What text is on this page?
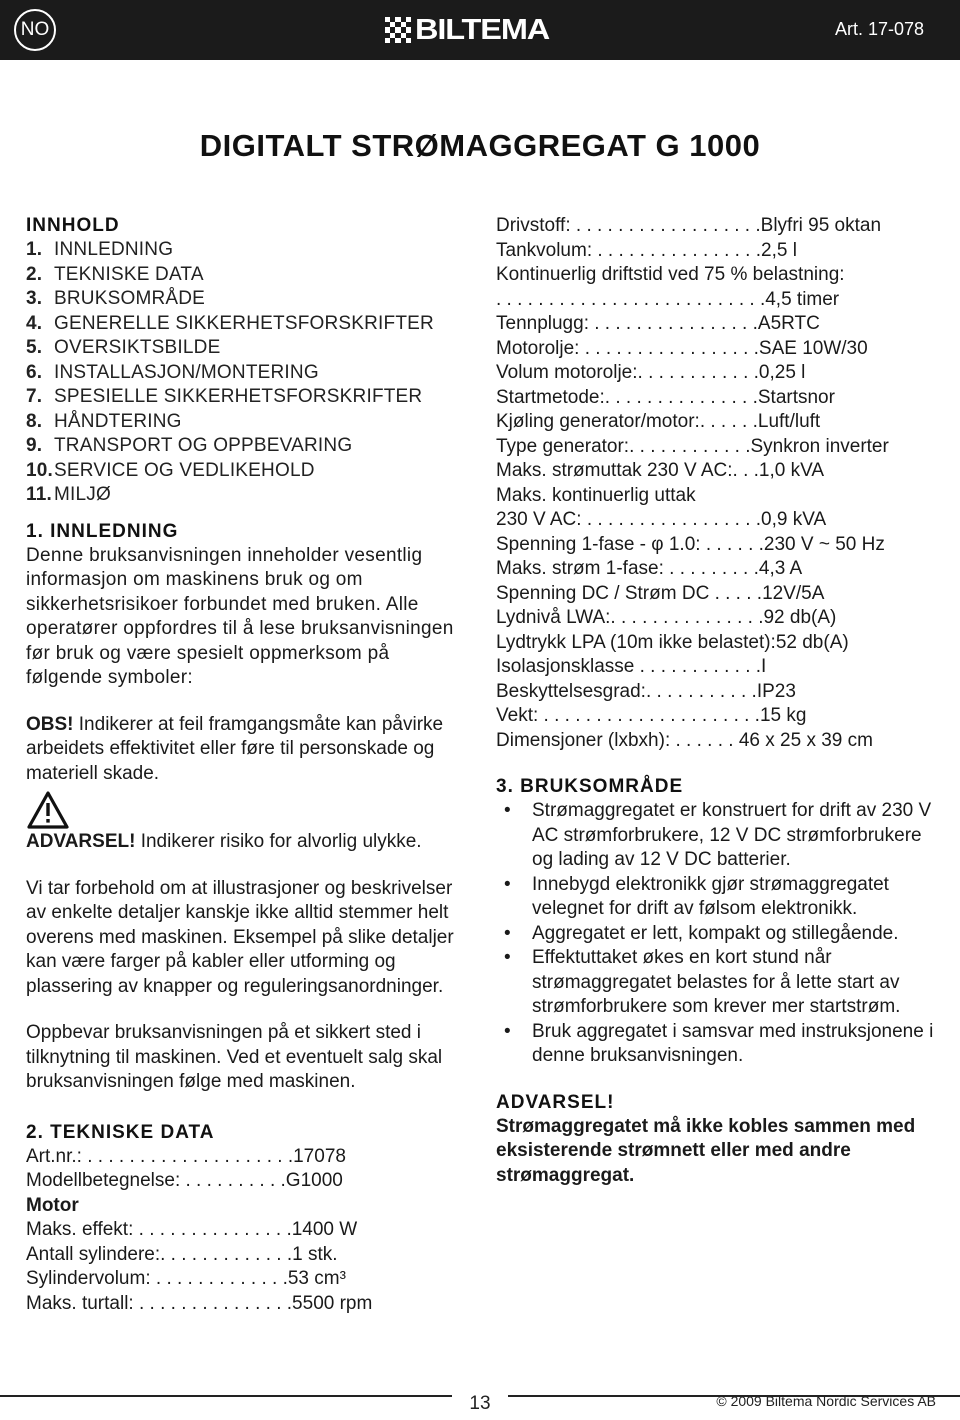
NO	BILTEMA	Art. 17-078
DIGITALT STRØMAGGREGAT G 1000
INNHOLD
1. INNLEDNING
2. TEKNISKE DATA
3. BRUKSOMRÅDE
4. GENERELLE SIKKERHETSFORSKRIFTER
5. OVERSIKTSBILDE
6. INSTALLASJON/MONTERING
7. SPESIELLE SIKKERHETSFORSKRIFTER
8. HÅNDTERING
9. TRANSPORT OG OPPBEVARING
10.SERVICE OG VEDLIKEHOLD
11. MILJØ
1. INNLEDNING

Denne bruksanvisningen inneholder vesentlig informasjon om maskinens bruk og om sikkerhetsrisikoer forbundet med bruken. Alle operatører oppfordres til å lese bruksanvisningen før bruk og være spesielt oppmerksom på følgende symboler:

OBS! Indikerer at feil framgangsmåte kan påvirke arbeidets effektivitet eller føre til personskade og materiell skade.

ADVARSEL! Indikerer risiko for alvorlig ulykke.

Vi tar forbehold om at illustrasjoner og beskrivelser av enkelte detaljer kanskje ikke alltid stemmer helt overens med maskinen. Eksempel på slike detaljer kan være farger på kabler eller utforming og plassering av knapper og reguleringsanordninger.

Oppbevar bruksanvisningen på et sikkert sted i tilknytning til maskinen. Ved et eventuelt salg skal bruksanvisningen følge med maskinen.

2. TEKNISKE DATA
Art.nr.: . . . . . . . . . . . . . . . . . . . .17078
Modellbetegnelse: . . . . . . . . . .G1000
Motor
Maks. effekt: . . . . . . . . . . . . . . .1400 W
Antall sylindere:. . . . . . . . . . . . .1 stk.
Sylindervolum: . . . . . . . . . . . . .53 cm³
Maks. turtall: . . . . . . . . . . . . . . .5500 rpm
Drivstoff: . . . . . . . . . . . . . . . . . .Blyfri 95 oktan
Tankvolum: . . . . . . . . . . . . . . . .2,5 l
Kontinuerlig driftstid ved 75 % belastning:
. . . . . . . . . . . . . . . . . . . . . . . . . .4,5 timer
Tennplugg: . . . . . . . . . . . . . . . .A5RTC
Motorolje: . . . . . . . . . . . . . . . . .SAE 10W/30
Volum motorolje:. . . . . . . . . . . .0,25 l
Startmetode:. . . . . . . . . . . . . . .Startsnor
Kjøling generator/motor:. . . . . .Luft/luft
Type generator:. . . . . . . . . . . .Synkron inverter
Maks. strømuttak 230 V AC:. . .1,0 kVA
Maks. kontinuerlig uttak
230 V AC: . . . . . . . . . . . . . . . . .0,9 kVA
Spenning 1-fase - φ 1.0: . . . . . .230 V ~ 50 Hz
Maks. strøm 1-fase: . . . . . . . . .4,3 A
Spenning DC / Strøm DC . . . . .12V/5A
Lydnivå LWA:. . . . . . . . . . . . . . .92 db(A)
Lydtrykk LPA (10m ikke belastet):52 db(A)
Isolasjonsklasse . . . . . . . . . . . .I
Beskyttelsesgrad:. . . . . . . . . . .IP23
Vekt: . . . . . . . . . . . . . . . . . . . . .15 kg
Dimensjoner (lxbxh): . . . . . . 46 x 25 x 39 cm
3. BRUKSOMRÅDE
• Strømaggregatet er konstruert for drift av 230 V AC strømforbrukere, 12 V DC strømforbrukere og lading av 12 V DC batterier.
• Innebygd elektronikk gjør strømaggregatet velegnet for drift av følsom elektronikk.
• Aggregatet er lett, kompakt og stillegående.
• Effektuttaket økes en kort stund når strømaggregatet belastes for å lette start av strømforbrukere som krever mer startstrøm.
• Bruk aggregatet i samsvar med instruksjonene i denne bruksanvisningen.
ADVARSEL!
Strømaggregatet må ikke kobles sammen med eksisterende strømnett eller med andre strømaggregat.
13	© 2009 Biltema Nordic Services AB
